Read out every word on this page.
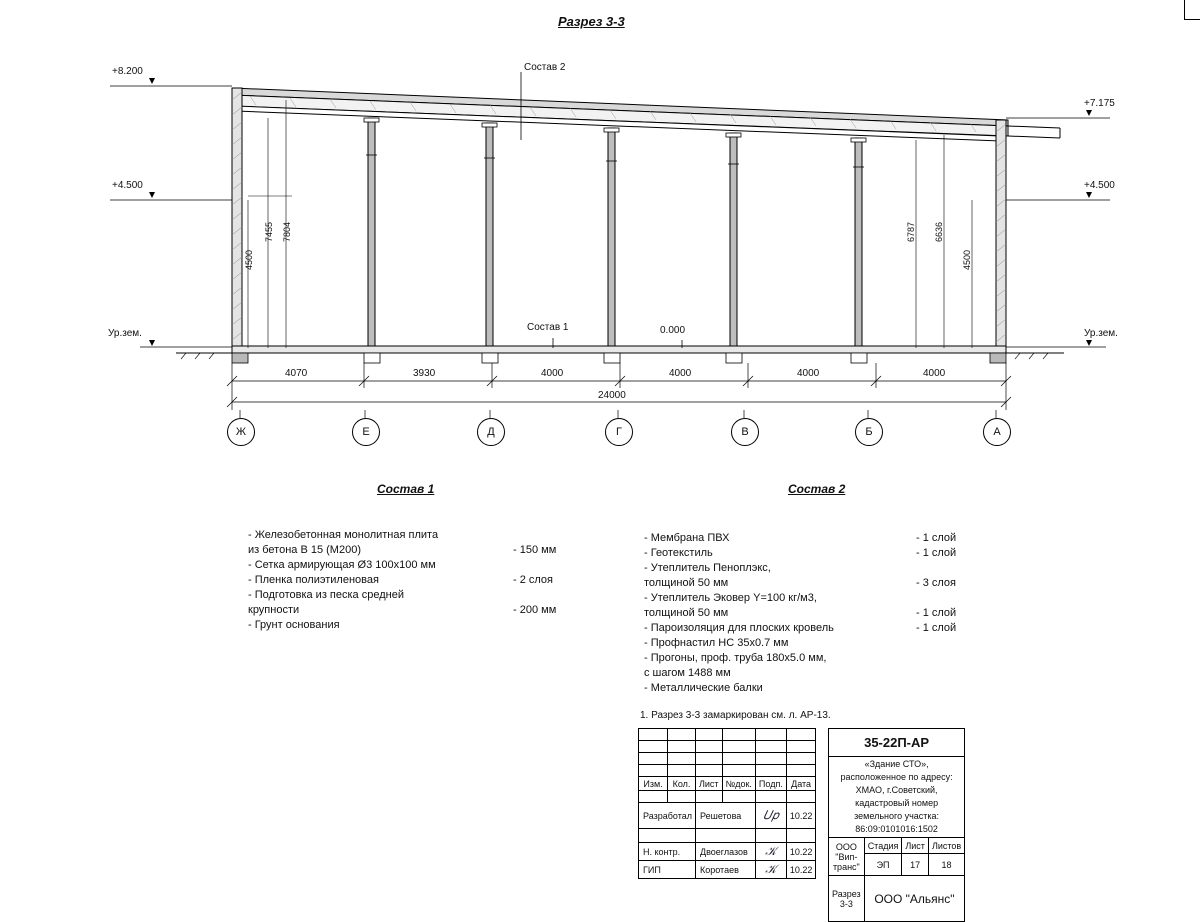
Разрез 3-3
+8.200
+4.500
Ур.зем.
+7.175
+4.500
Ур.зем.
0.000
Состав 2
Состав 1
4500
7455 7804	6787 6636
4500
4070	3930	4000	4000	4000	4000
24000
Ж	Е	Д	Г	В	Б	А
Состав 1
- Железобетонная монолитная плита
из бетона В 15 (М200)	- 150 мм
- Сетка армирующая Ø3 100х100 мм
- Пленка полиэтиленовая	- 2 слоя
- Подготовка из песка средней
крупности	- 200 мм
- Грунт основания
Состав 2
- Мембрана ПВХ	- 1 слой
- Геотекстиль	- 1 слой
- Утеплитель Пеноплэкс,
толщиной 50 мм	- 3 слоя
- Утеплитель Эковер Y=100 кг/м3,
толщиной 50 мм	- 1 слой
- Пароизоляция для плоских кровель	- 1 слой
- Профнастил НС 35х0.7 мм
- Прогоны, проф. труба 180х5.0 мм,
с шагом 1488 мм
- Металлические балки
1. Разрез 3-3 замаркирован см. л. АР-13.

Изм.	Кол.	Лист	№док.	Подп.	Дата

Разработал		Решетова		𝑈𝑝	10.22

Н. контр.		Двоеглазов		𝒦	10.22
ГИП		Коротаев		𝒦	10.22
35-22П-АР			

«Здание СТО», расположенное по адресу: ХМАО, г.Советский,
кадастровый номер земельного участка: 86:09:0101016:1502			

ООО "Вип-транс"	Стадия	Лист	Листов
	ЭП	17	18
Разрез 3-3	ООО "Альянс"		
